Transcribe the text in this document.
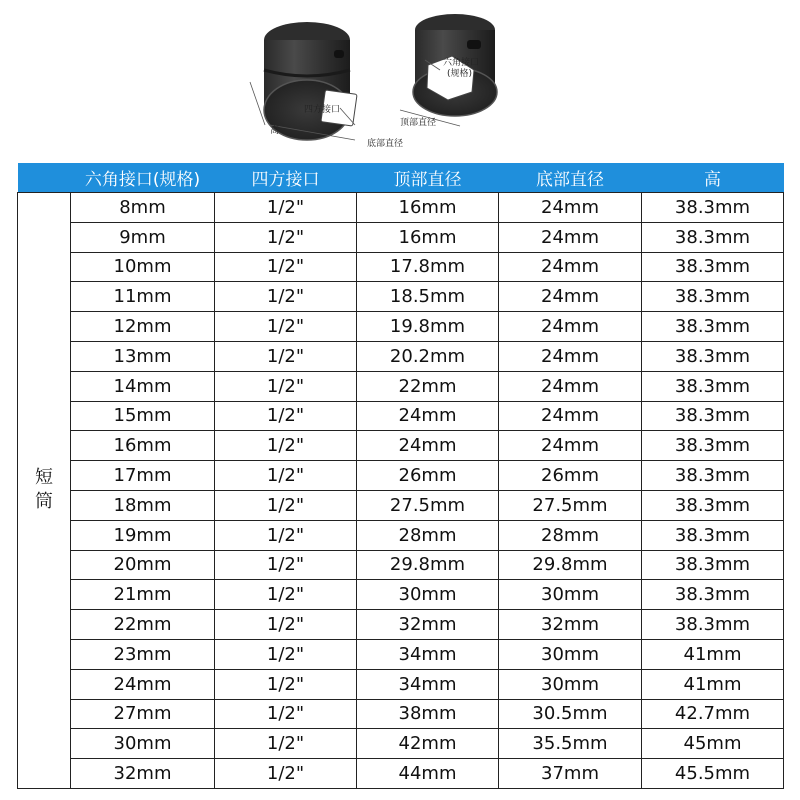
六角接口
(规格)
四方接口
顶部直径
底部直径
高
	六角接口(规格)	四方接口	顶部直径	底部直径	高
短
筒	8mm	1/2"	16mm	24mm	38.3mm
	9mm	1/2"	16mm	24mm	38.3mm
	10mm	1/2"	17.8mm	24mm	38.3mm
	11mm	1/2"	18.5mm	24mm	38.3mm
	12mm	1/2"	19.8mm	24mm	38.3mm
	13mm	1/2"	20.2mm	24mm	38.3mm
	14mm	1/2"	22mm	24mm	38.3mm
	15mm	1/2"	24mm	24mm	38.3mm
	16mm	1/2"	24mm	24mm	38.3mm
	17mm	1/2"	26mm	26mm	38.3mm
	18mm	1/2"	27.5mm	27.5mm	38.3mm
	19mm	1/2"	28mm	28mm	38.3mm
	20mm	1/2"	29.8mm	29.8mm	38.3mm
	21mm	1/2"	30mm	30mm	38.3mm
	22mm	1/2"	32mm	32mm	38.3mm
	23mm	1/2"	34mm	30mm	41mm
	24mm	1/2"	34mm	30mm	41mm
	27mm	1/2"	38mm	30.5mm	42.7mm
	30mm	1/2"	42mm	35.5mm	45mm
	32mm	1/2"	44mm	37mm	45.5mm
